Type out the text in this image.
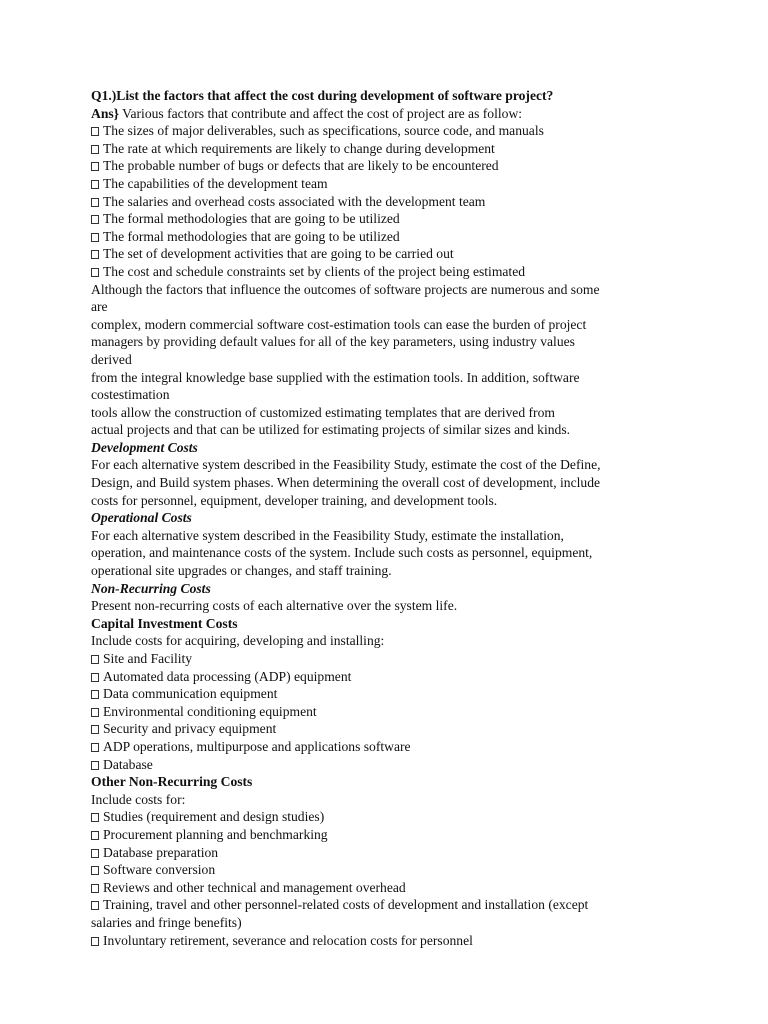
Q1.)List the factors that affect the cost during development of software project?
Ans} Various factors that contribute and affect the cost of project are as follow:
The sizes of major deliverables, such as specifications, source code, and manuals
The rate at which requirements are likely to change during development
The probable number of bugs or defects that are likely to be encountered
The capabilities of the development team
The salaries and overhead costs associated with the development team
The formal methodologies that are going to be utilized
The formal methodologies that are going to be utilized
The set of development activities that are going to be carried out
The cost and schedule constraints set by clients of the project being estimated
Although the factors that influence the outcomes of software projects are numerous and some
are
complex, modern commercial software cost-estimation tools can ease the burden of project
managers by providing default values for all of the key parameters, using industry values
derived
from the integral knowledge base supplied with the estimation tools. In addition, software
costestimation
tools allow the construction of customized estimating templates that are derived from
actual projects and that can be utilized for estimating projects of similar sizes and kinds.
Development Costs
For each alternative system described in the Feasibility Study, estimate the cost of the Define,
Design, and Build system phases. When determining the overall cost of development, include
costs for personnel, equipment, developer training, and development tools.
Operational Costs
For each alternative system described in the Feasibility Study, estimate the installation,
operation, and maintenance costs of the system. Include such costs as personnel, equipment,
operational site upgrades or changes, and staff training.
Non-Recurring Costs
Present non-recurring costs of each alternative over the system life.
Capital Investment Costs
Include costs for acquiring, developing and installing:
Site and Facility
Automated data processing (ADP) equipment
Data communication equipment
Environmental conditioning equipment
Security and privacy equipment
ADP operations, multipurpose and applications software
Database
Other Non-Recurring Costs
Include costs for:
Studies (requirement and design studies)
Procurement planning and benchmarking
Database preparation
Software conversion
Reviews and other technical and management overhead
Training, travel and other personnel-related costs of development and installation (except
salaries and fringe benefits)
Involuntary retirement, severance and relocation costs for personnel
